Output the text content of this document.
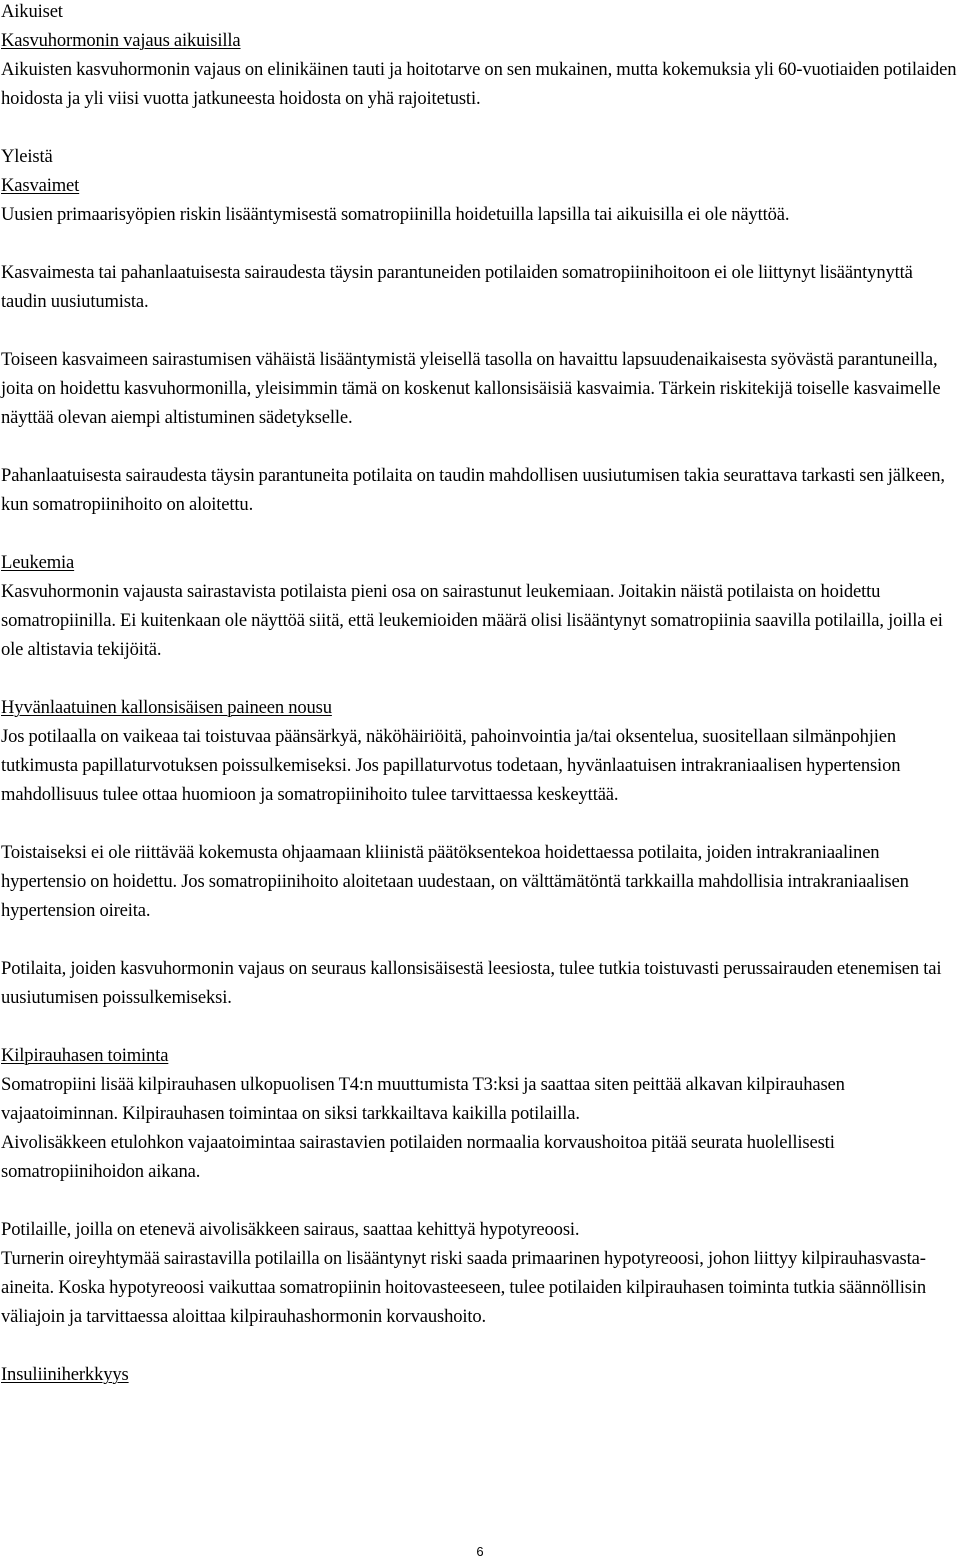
Aikuiset
Kasvuhormonin vajaus aikuisilla

Aikuisten kasvuhormonin vajaus on elinikäinen tauti ja hoitotarve on sen mukainen, mutta kokemuksia yli 60-vuotiaiden potilaiden hoidosta ja yli viisi vuotta jatkuneesta hoidosta on yhä rajoitetusti.

Yleistä
Kasvaimet

Uusien primaarisyöpien riskin lisääntymisestä somatropiinilla hoidetuilla lapsilla tai aikuisilla ei ole näyttöä.

Kasvaimesta tai pahanlaatuisesta sairaudesta täysin parantuneiden potilaiden somatropiinihoitoon ei ole liittynyt lisääntynyttä taudin uusiutumista.

Toiseen kasvaimeen sairastumisen vähäistä lisääntymistä yleisellä tasolla on havaittu lapsuudenaikaisesta syövästä parantuneilla, joita on hoidettu kasvuhormonilla, yleisimmin tämä on koskenut kallonsisäisiä kasvaimia. Tärkein riskitekijä toiselle kasvaimelle näyttää olevan aiempi altistuminen sädetykselle.

Pahanlaatuisesta sairaudesta täysin parantuneita potilaita on taudin mahdollisen uusiutumisen takia seurattava tarkasti sen jälkeen, kun somatropiinihoito on aloitettu.

Leukemia

Kasvuhormonin vajausta sairastavista potilaista pieni osa on sairastunut leukemiaan. Joitakin näistä potilaista on hoidettu somatropiinilla. Ei kuitenkaan ole näyttöä siitä, että leukemioiden määrä olisi lisääntynyt somatropiinia saavilla potilailla, joilla ei ole altistavia tekijöitä.

Hyvänlaatuinen kallonsisäisen paineen nousu

Jos potilaalla on vaikeaa tai toistuvaa päänsärkyä, näköhäiriöitä, pahoinvointia ja/tai oksentelua, suositellaan silmänpohjien tutkimusta papillaturvotuksen poissulkemiseksi. Jos papillaturvotus todetaan, hyvänlaatuisen intrakraniaalisen hypertension mahdollisuus tulee ottaa huomioon ja somatropiinihoito tulee tarvittaessa keskeyttää.

Toistaiseksi ei ole riittävää kokemusta ohjaamaan kliinistä päätöksentekoa hoidettaessa potilaita, joiden intrakraniaalinen hypertensio on hoidettu. Jos somatropiinihoito aloitetaan uudestaan, on välttämätöntä tarkkailla mahdollisia intrakraniaalisen hypertension oireita.

Potilaita, joiden kasvuhormonin vajaus on seuraus kallonsisäisestä leesiosta, tulee tutkia toistuvasti perussairauden etenemisen tai uusiutumisen poissulkemiseksi.

Kilpirauhasen toiminta

Somatropiini lisää kilpirauhasen ulkopuolisen T4:n muuttumista T3:ksi ja saattaa siten peittää alkavan kilpirauhasen vajaatoiminnan. Kilpirauhasen toimintaa on siksi tarkkailtava kaikilla potilailla.

Aivolisäkkeen etulohkon vajaatoimintaa sairastavien potilaiden normaalia korvaushoitoa pitää seurata huolellisesti somatropiinihoidon aikana.

Potilaille, joilla on etenevä aivolisäkkeen sairaus, saattaa kehittyä hypotyreoosi.

Turnerin oireyhtymää sairastavilla potilailla on lisääntynyt riski saada primaarinen hypotyreoosi, johon liittyy kilpirauhasvasta-aineita. Koska hypotyreoosi vaikuttaa somatropiinin hoitovasteeseen, tulee potilaiden kilpirauhasen toiminta tutkia säännöllisin väliajoin ja tarvittaessa aloittaa kilpirauhashormonin korvaushoito.

Insuliiniherkkyys
6
